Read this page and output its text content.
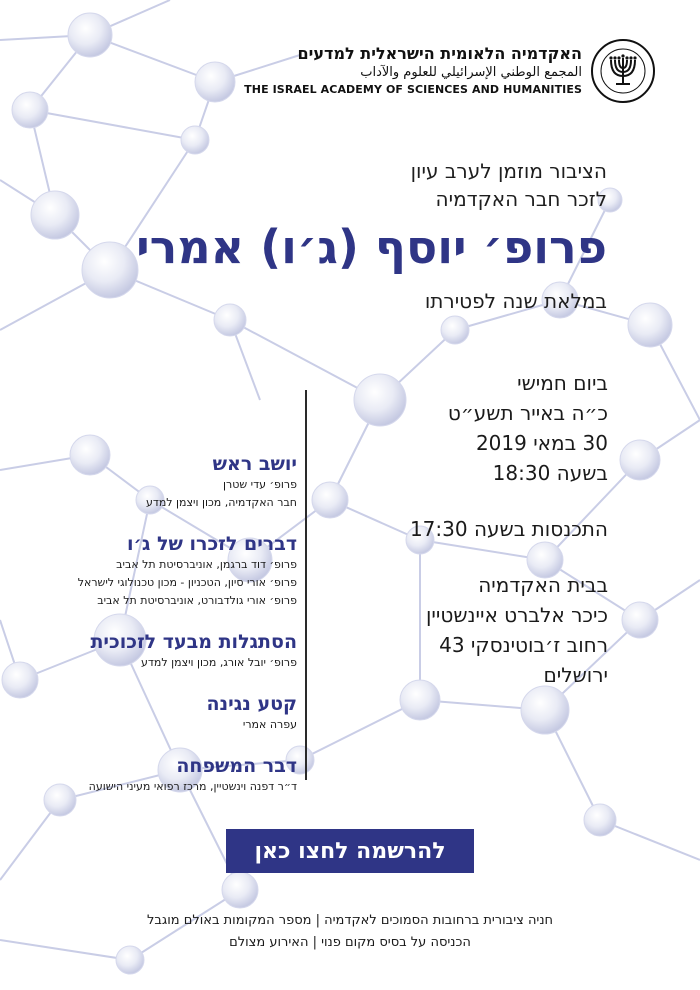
האקדמיה הלאומית הישראלית למדעים
المجمع الوطني الإسرائيلي للعلوم والآداب
THE ISRAEL ACADEMY OF SCIENCES AND HUMANITIES
הציבור מוזמן לערב עיון
לזכר חבר האקדמיה
פרופ׳ יוסף (ג׳ו) אמרי
במלאת שנה לפטירתו
ביום חמישי
כ״ה באייר תשע״ט
30 במאי 2019
בשעה 18:30
התכנסות בשעה 17:30
בבית האקדמיה
כיכר אלברט איינשטיין
רחוב ז׳בוטינסקי 43
ירושלים
יושב ראש
פרופ׳ עדי שטרן
חבר האקדמיה, מכון ויצמן למדע
דברים לזכרו של ג׳ו
פרופ׳ דוד ברגמן, אוניברסיטת תל אביב
פרופ׳ אורי סיון, הטכניון - מכון טכנולוגי לישראל
פרופ׳ אורי גולדבורט, אוניברסיטת תל אביב
הסתגלות מבעד לזכוכית
פרופ׳ יובל אורג, מכון ויצמן למדע
קטע נגינה
עפרה אמרי
דבר המשפחה
ד״ר דפנה וינשטיין, מרכז רפואי מעיני הישועה
להרשמה לחצו כאן
חניה ציבורית ברחובות הסמוכים לאקדמיה | מספר המקומות באולם מוגבל
הכניסה על בסיס מקום פנוי | האירוע מצולם
